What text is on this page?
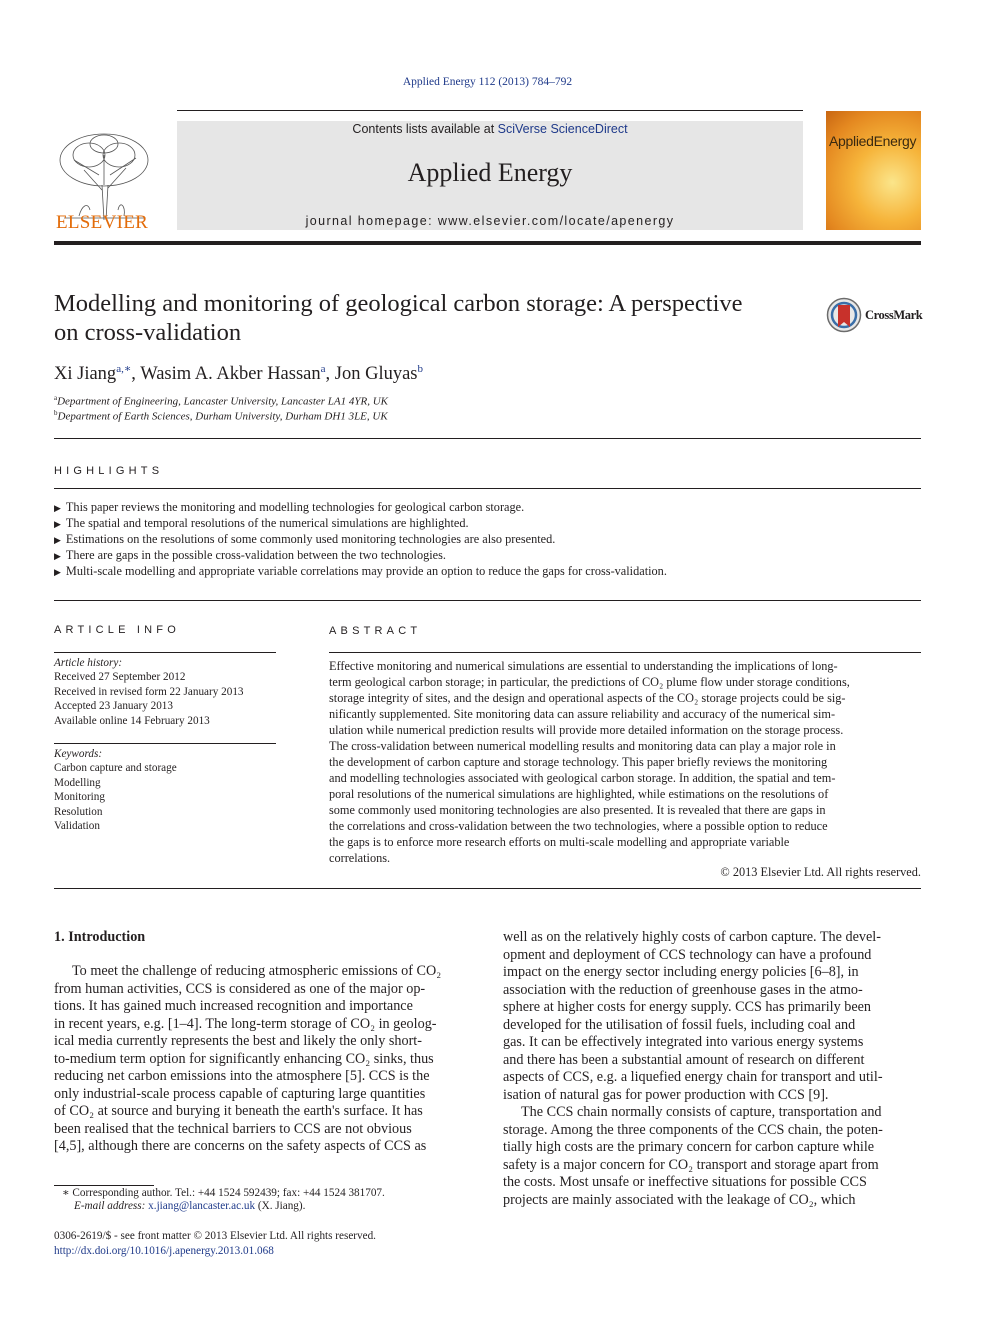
Applied Energy 112 (2013) 784–792
ELSEVIER
Contents lists available at SciVerse ScienceDirect
Applied Energy
journal homepage: www.elsevier.com/locate/apenergy
AppliedEnergy
Modelling and monitoring of geological carbon storage: A perspective
on cross-validation
CrossMark
Xi Jiang$^{a,∗}$, Wasim A. Akber Hassan$^a$, Jon Gluyas$^b$
$^a$Department of Engineering, Lancaster University, Lancaster LA1 4YR, UK
$^b$Department of Earth Sciences, Durham University, Durham DH1 3LE, UK
HIGHLIGHTS
▶ This paper reviews the monitoring and modelling technologies for geological carbon storage.
▶ The spatial and temporal resolutions of the numerical simulations are highlighted.
▶ Estimations on the resolutions of some commonly used monitoring technologies are also presented.
▶ There are gaps in the possible cross-validation between the two technologies.
▶ Multi-scale modelling and appropriate variable correlations may provide an option to reduce the gaps for cross-validation.
ARTICLE INFO
Article history:
Received 27 September 2012
Received in revised form 22 January 2013
Accepted 23 January 2013
Available online 14 February 2013
Keywords:
Carbon capture and storage
Modelling
Monitoring
Resolution
Validation
ABSTRACT
Effective monitoring and numerical simulations are essential to understanding the implications of long-
term geological carbon storage; in particular, the predictions of CO₂ plume flow under storage conditions,
storage integrity of sites, and the design and operational aspects of the CO₂ storage projects could be sig-
nificantly supplemented. Site monitoring data can assure reliability and accuracy of the numerical sim-
ulation while numerical prediction results will provide more detailed information on the storage process.
The cross-validation between numerical modelling results and monitoring data can play a major role in
the development of carbon capture and storage technology. This paper briefly reviews the monitoring
and modelling technologies associated with geological carbon storage. In addition, the spatial and tem-
poral resolutions of the numerical simulations are highlighted, while estimations on the resolutions of
some commonly used monitoring technologies are also presented. It is revealed that there are gaps in
the correlations and cross-validation between the two technologies, where a possible option to reduce
the gaps is to enforce more research efforts on multi-scale modelling and appropriate variable
correlations.
© 2013 Elsevier Ltd. All rights reserved.
1. Introduction
To meet the challenge of reducing atmospheric emissions of CO₂
from human activities, CCS is considered as one of the major op-
tions. It has gained much increased recognition and importance
in recent years, e.g. [1–4]. The long-term storage of CO₂ in geolog-
ical media currently represents the best and likely the only short-
to-medium term option for significantly enhancing CO₂ sinks, thus
reducing net carbon emissions into the atmosphere [5]. CCS is the
only industrial-scale process capable of capturing large quantities
of CO₂ at source and burying it beneath the earth's surface. It has
been realised that the technical barriers to CCS are not obvious
[4,5], although there are concerns on the safety aspects of CCS as
well as on the relatively highly costs of carbon capture. The devel-
opment and deployment of CCS technology can have a profound
impact on the energy sector including energy policies [6–8], in
association with the reduction of greenhouse gases in the atmo-
sphere at higher costs for energy supply. CCS has primarily been
developed for the utilisation of fossil fuels, including coal and
gas. It can be effectively integrated into various energy systems
and there has been a substantial amount of research on different
aspects of CCS, e.g. a liquefied energy chain for transport and util-
isation of natural gas for power production with CCS [9].
The CCS chain normally consists of capture, transportation and
storage. Among the three components of the CCS chain, the poten-
tially high costs are the primary concern for carbon capture while
safety is a major concern for CO₂ transport and storage apart from
the costs. Most unsafe or ineffective situations for possible CCS
projects are mainly associated with the leakage of CO₂, which
∗ Corresponding author. Tel.: +44 1524 592439; fax: +44 1524 381707.
E-mail address: x.jiang@lancaster.ac.uk (X. Jiang).
0306-2619/$ - see front matter © 2013 Elsevier Ltd. All rights reserved.
http://dx.doi.org/10.1016/j.apenergy.2013.01.068
